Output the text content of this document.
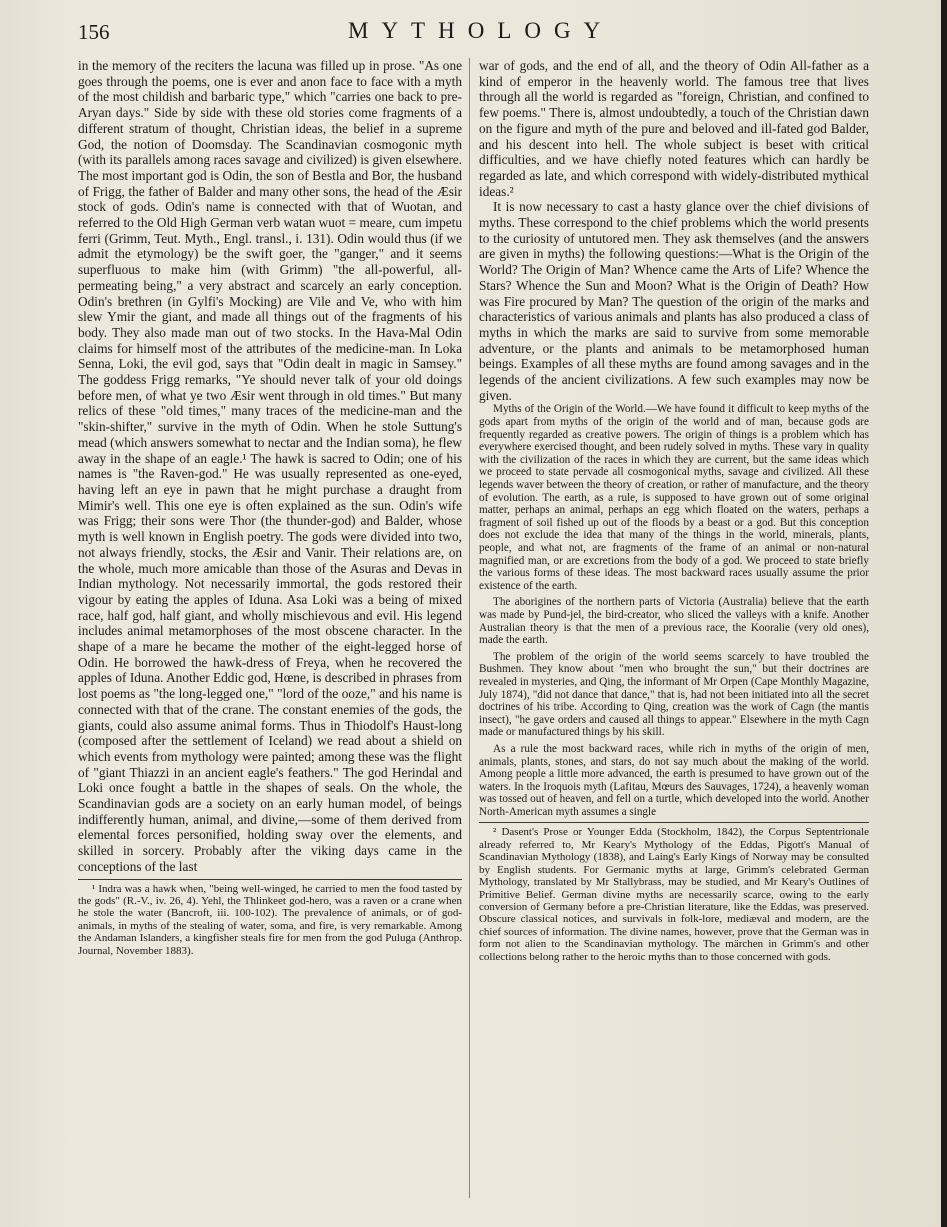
156	MYTHOLOGY

in the memory of the reciters the lacuna was filled up in prose. "As one goes through the poems, one is ever and anon face to face with a myth of the most childish and barbaric type," which "carries one back to pre-Aryan days." Side by side with these old stories come fragments of a different stratum of thought, Christian ideas, the belief in a supreme God, the notion of Doomsday. The Scandinavian cosmogonic myth (with its parallels among races savage and civilized) is given elsewhere. The most important god is Odin, the son of Bestla and Bor, the husband of Frigg, the father of Balder and many other sons, the head of the Æsir stock of gods. Odin's name is connected with that of Wuotan, and referred to the Old High German verb watan wuot = meare, cum impetu ferri (Grimm, Teut. Myth., Engl. transl., i. 131). Odin would thus (if we admit the etymology) be the swift goer, the "ganger," and it seems superfluous to make him (with Grimm) "the all-powerful, all-permeating being," a very abstract and scarcely an early conception. Odin's brethren (in Gylfi's Mocking) are Vile and Ve, who with him slew Ymir the giant, and made all things out of the fragments of his body. They also made man out of two stocks. In the Hava-Mal Odin claims for himself most of the attributes of the medicine-man. In Loka Senna, Loki, the evil god, says that "Odin dealt in magic in Samsey." The goddess Frigg remarks, "Ye should never talk of your old doings before men, of what ye two Æsir went through in old times." But many relics of these "old times," many traces of the medicine-man and the "skin-shifter," survive in the myth of Odin. When he stole Suttung's mead (which answers somewhat to nectar and the Indian soma), he flew away in the shape of an eagle.¹ The hawk is sacred to Odin; one of his names is "the Raven-god." He was usually represented as one-eyed, having left an eye in pawn that he might purchase a draught from Mimir's well. This one eye is often explained as the sun. Odin's wife was Frigg; their sons were Thor (the thunder-god) and Balder, whose myth is well known in English poetry. The gods were divided into two, not always friendly, stocks, the Æsir and Vanir. Their relations are, on the whole, much more amicable than those of the Asuras and Devas in Indian mythology. Not necessarily immortal, the gods restored their vigour by eating the apples of Iduna. Asa Loki was a being of mixed race, half god, half giant, and wholly mischievous and evil. His legend includes animal metamorphoses of the most obscene character. In the shape of a mare he became the mother of the eight-legged horse of Odin. He borrowed the hawk-dress of Freya, when he recovered the apples of Iduna. Another Eddic god, Hœne, is described in phrases from lost poems as "the long-legged one," "lord of the ooze," and his name is connected with that of the crane. The constant enemies of the gods, the giants, could also assume animal forms. Thus in Thiodolf's Haust-long (composed after the settlement of Iceland) we read about a shield on which events from mythology were painted; among these was the flight of "giant Thiazzi in an ancient eagle's feathers." The god Herindal and Loki once fought a battle in the shapes of seals. On the whole, the Scandinavian gods are a society on an early human model, of beings indifferently human, animal, and divine,—some of them derived from elemental forces personified, holding sway over the elements, and skilled in sorcery. Probably after the viking days came in the conceptions of the last

¹ Indra was a hawk when, "being well-winged, he carried to men the food tasted by the gods" (R.-V., iv. 26, 4). Yehl, the Thlinkeet god-hero, was a raven or a crane when he stole the water (Bancroft, iii. 100-102). The prevalence of animals, or of god-animals, in myths of the stealing of water, soma, and fire, is very remarkable. Among the Andaman Islanders, a kingfisher steals fire for men from the god Puluga (Anthrop. Journal, November 1883).

war of gods, and the end of all, and the theory of Odin All-father as a kind of emperor in the heavenly world. The famous tree that lives through all the world is regarded as "foreign, Christian, and confined to few poems." There is, almost undoubtedly, a touch of the Christian dawn on the figure and myth of the pure and beloved and ill-fated god Balder, and his descent into hell. The whole subject is beset with critical difficulties, and we have chiefly noted features which can hardly be regarded as late, and which correspond with widely-distributed mythical ideas.²

It is now necessary to cast a hasty glance over the chief divisions of myths. These correspond to the chief problems which the world presents to the curiosity of untutored men. They ask themselves (and the answers are given in myths) the following questions:—What is the Origin of the World? The Origin of Man? Whence came the Arts of Life? Whence the Stars? Whence the Sun and Moon? What is the Origin of Death? How was Fire procured by Man? The question of the origin of the marks and characteristics of various animals and plants has also produced a class of myths in which the marks are said to survive from some memorable adventure, or the plants and animals to be metamorphosed human beings. Examples of all these myths are found among savages and in the legends of the ancient civilizations. A few such examples may now be given.

Myths of the Origin of the World.—We have found it difficult to keep myths of the gods apart from myths of the origin of the world and of man, because gods are frequently regarded as creative powers. The origin of things is a problem which has everywhere exercised thought, and been rudely solved in myths. These vary in quality with the civilization of the races in which they are current, but the same ideas which we proceed to state pervade all cosmogonical myths, savage and civilized. All these legends waver between the theory of creation, or rather of manufacture, and the theory of evolution. The earth, as a rule, is supposed to have grown out of some original matter, perhaps an animal, perhaps an egg which floated on the waters, perhaps a fragment of soil fished up out of the floods by a beast or a god. But this conception does not exclude the idea that many of the things in the world, minerals, plants, people, and what not, are fragments of the frame of an animal or non-natural magnified man, or are excretions from the body of a god. We proceed to state briefly the various forms of these ideas. The most backward races usually assume the prior existence of the earth.

The aborigines of the northern parts of Victoria (Australia) believe that the earth was made by Pund-jel, the bird-creator, who sliced the valleys with a knife. Another Australian theory is that the men of a previous race, the Kooralie (very old ones), made the earth.

The problem of the origin of the world seems scarcely to have troubled the Bushmen. They know about "men who brought the sun," but their doctrines are revealed in mysteries, and Qing, the informant of Mr Orpen (Cape Monthly Magazine, July 1874), "did not dance that dance," that is, had not been initiated into all the secret doctrines of his tribe. According to Qing, creation was the work of Cagn (the mantis insect), "he gave orders and caused all things to appear." Elsewhere in the myth Cagn made or manufactured things by his skill.

As a rule the most backward races, while rich in myths of the origin of men, animals, plants, stones, and stars, do not say much about the making of the world. Among people a little more advanced, the earth is presumed to have grown out of the waters. In the Iroquois myth (Lafitau, Mœurs des Sauvages, 1724), a heavenly woman was tossed out of heaven, and fell on a turtle, which developed into the world. Another North-American myth assumes a single

² Dasent's Prose or Younger Edda (Stockholm, 1842), the Corpus Septentrionale already referred to, Mr Keary's Mythology of the Eddas, Pigott's Manual of Scandinavian Mythology (1838), and Laing's Early Kings of Norway may be consulted by English students. For Germanic myths at large, Grimm's celebrated German Mythology, translated by Mr Stallybrass, may be studied, and Mr Keary's Outlines of Primitive Belief. German divine myths are necessarily scarce, owing to the early conversion of Germany before a pre-Christian literature, like the Eddas, was preserved. Obscure classical notices, and survivals in folk-lore, mediæval and modern, are the chief sources of information. The divine names, however, prove that the German was in form not alien to the Scandinavian mythology. The märchen in Grimm's and other collections belong rather to the heroic myths than to those concerned with gods.
